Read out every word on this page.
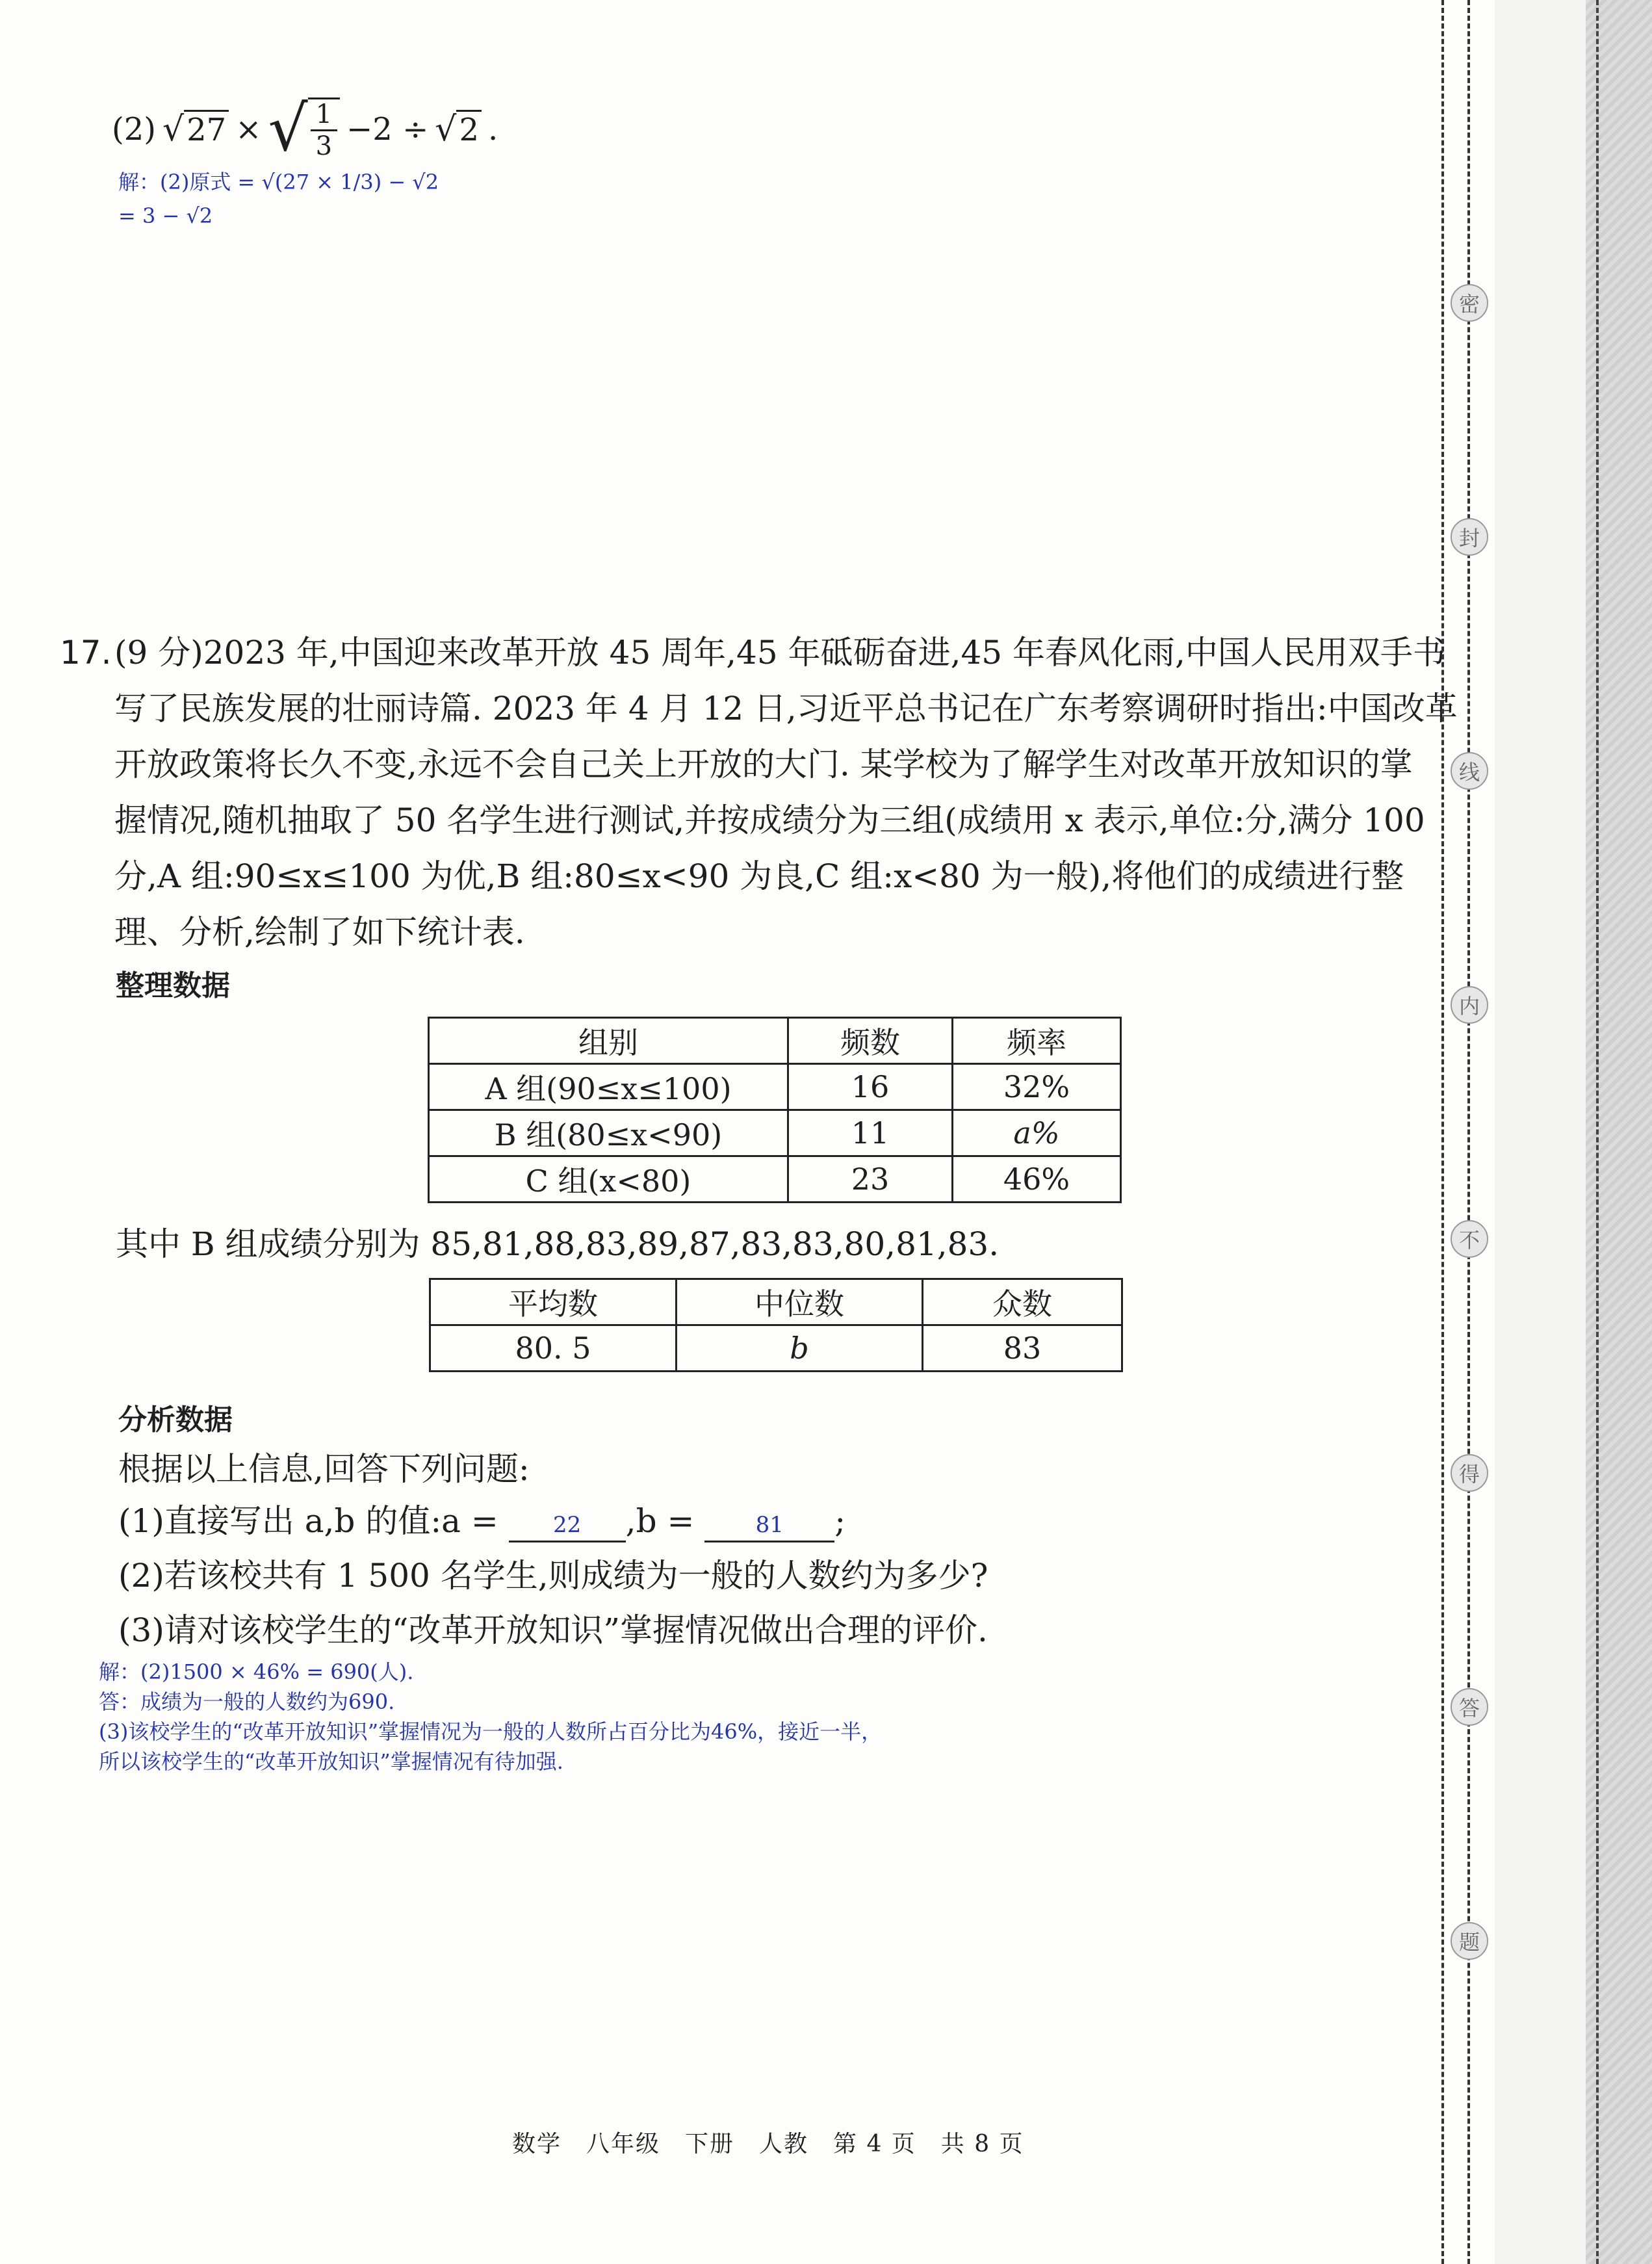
(2) √ 27 × √ $\frac{1}{3} -2$ ÷ √ 2 .
解：(2)原式 = √(27 × 1/3) − √2
= 3 − √2
17. (9 分)2023 年,中国迎来改革开放 45 周年,45 年砥砺奋进,45 年春风化雨,中国人民用双手书
写了民族发展的壮丽诗篇. 2023 年 4 月 12 日,习近平总书记在广东考察调研时指出:中国改革
开放政策将长久不变,永远不会自己关上开放的大门. 某学校为了解学生对改革开放知识的掌
握情况,随机抽取了 50 名学生进行测试,并按成绩分为三组(成绩用 x 表示,单位:分,满分 100
分,A 组:90≤x≤100 为优,B 组:80≤x<90 为良,C 组:x<80 为一般),将他们的成绩进行整
理、分析,绘制了如下统计表.
整理数据
组别	频数	频率
A 组(90≤x≤100)	16	32%
B 组(80≤x<90)	11	a%
C 组(x<80)	23	46%
其中 B 组成绩分别为 85,81,88,83,89,87,83,83,80,81,83.
平均数	中位数	众数
80. 5	b	83
分析数据
根据以上信息,回答下列问题:
(1)直接写出 a,b 的值:a = 22 ,b =	81 ;
(2)若该校共有 1 500 名学生,则成绩为一般的人数约为多少?
(3)请对该校学生的“改革开放知识”掌握情况做出合理的评价.
解：(2)1500 × 46% = 690(人).
答：成绩为一般的人数约为690.
(3)该校学生的“改革开放知识”掌握情况为一般的人数所占百分比为46%，接近一半，
所以该校学生的“改革开放知识”掌握情况有待加强.
数学　八年级　下册　人教　第 4 页　共 8 页
密
封
线
内
不
得
答
题
